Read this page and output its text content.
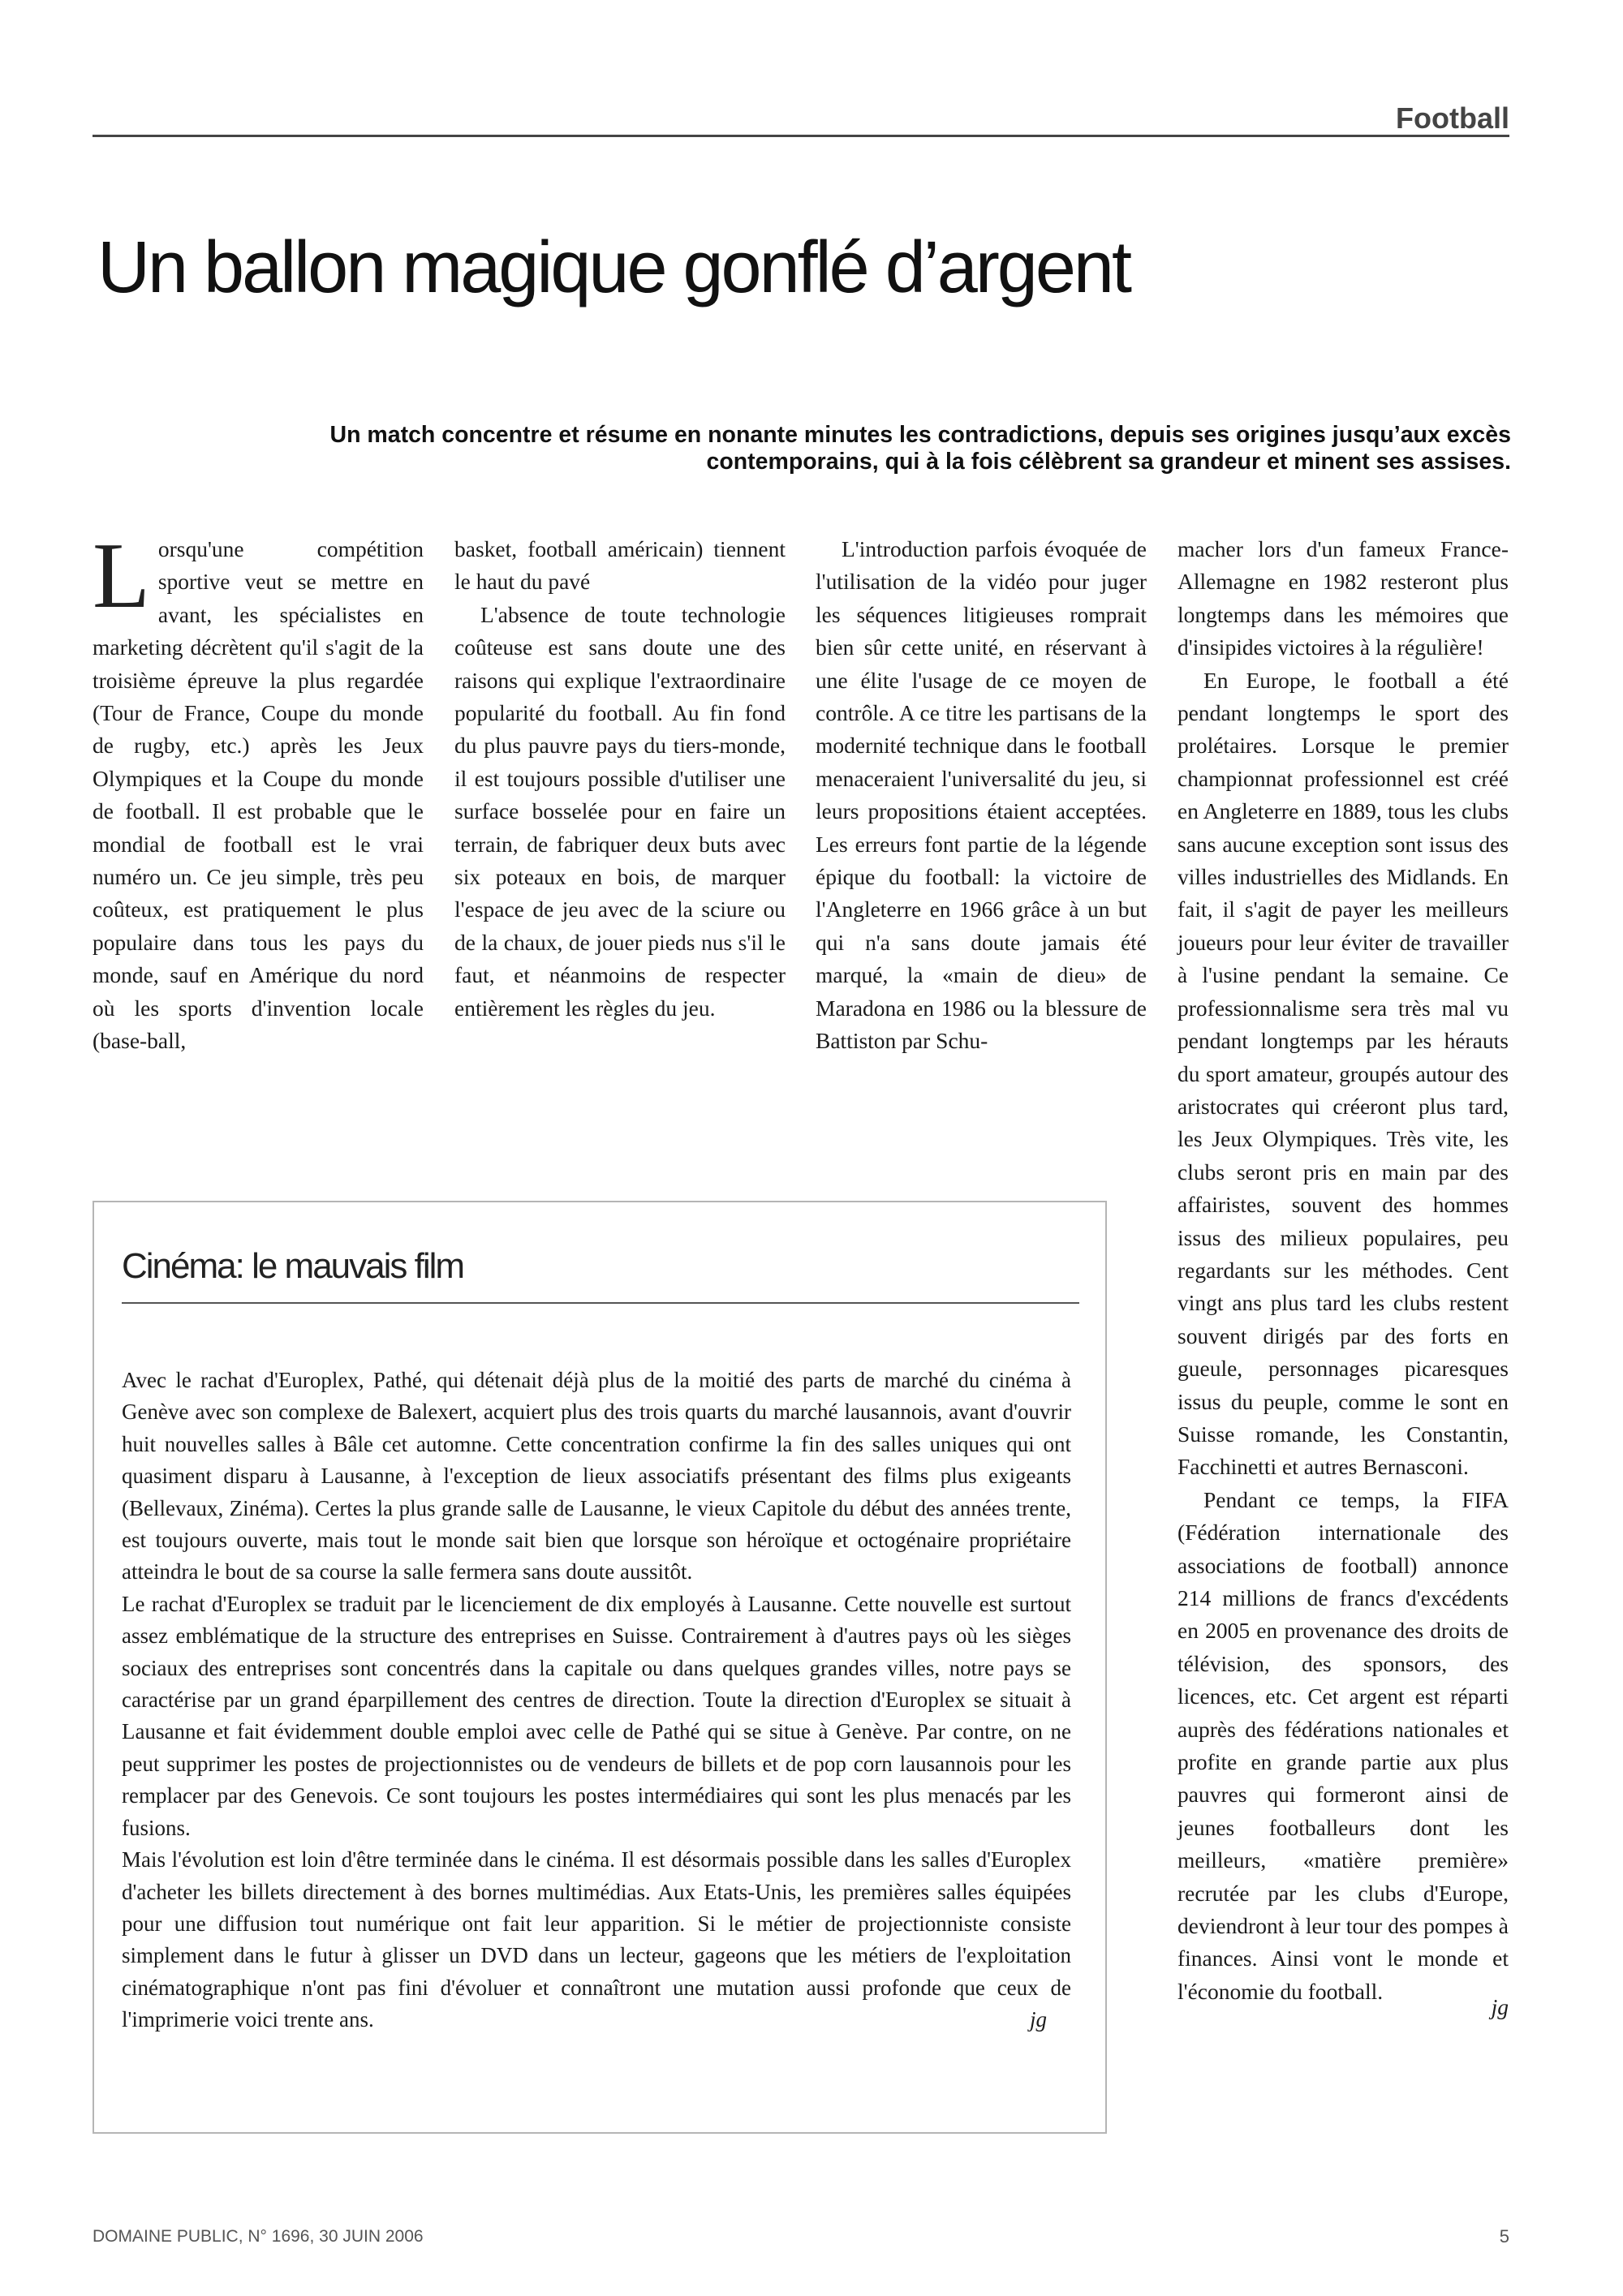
Football
Un ballon magique gonflé d’argent

Un match concentre et résume en nonante minutes les contradictions, depuis ses origines jusqu’aux excès contemporains, qui à la fois célèbrent sa grandeur et minent ses assises.

Lorsqu'une compétition sportive veut se mettre en avant, les spécialistes en marketing décrètent qu'il s'agit de la troisième épreuve la plus regardée (Tour de France, Coupe du monde de rugby, etc.) après les Jeux Olympiques et la Coupe du monde de football. Il est probable que le mondial de football est le vrai numéro un. Ce jeu simple, très peu coûteux, est pratiquement le plus populaire dans tous les pays du monde, sauf en Amérique du nord où les sports d'invention locale (base-ball,

basket, football américain) tiennent le haut du pavé

L'absence de toute technologie coûteuse est sans doute une des raisons qui explique l'extraordinaire popularité du football. Au fin fond du plus pauvre pays du tiers-monde, il est toujours possible d'utiliser une surface bosselée pour en faire un terrain, de fabriquer deux buts avec six poteaux en bois, de marquer l'espace de jeu avec de la sciure ou de la chaux, de jouer pieds nus s'il le faut, et néanmoins de respecter entièrement les règles du jeu.

L'introduction parfois évoquée de l'utilisation de la vidéo pour juger les séquences litigieuses romprait bien sûr cette unité, en réservant à une élite l'usage de ce moyen de contrôle. A ce titre les partisans de la modernité technique dans le football menaceraient l'universalité du jeu, si leurs propositions étaient acceptées. Les erreurs font partie de la légende épique du football: la victoire de l'Angleterre en 1966 grâce à un but qui n'a sans doute jamais été marqué, la «main de dieu» de Maradona en 1986 ou la blessure de Battiston par Schu-

macher lors d'un fameux France-Allemagne en 1982 resteront plus longtemps dans les mémoires que d'insipides victoires à la régulière!

En Europe, le football a été pendant longtemps le sport des prolétaires. Lorsque le premier championnat professionnel est créé en Angleterre en 1889, tous les clubs sans aucune exception sont issus des villes industrielles des Midlands. En fait, il s'agit de payer les meilleurs joueurs pour leur éviter de travailler à l'usine pendant la semaine. Ce professionnalisme sera très mal vu pendant longtemps par les hérauts du sport amateur, groupés autour des aristocrates qui créeront plus tard, les Jeux Olympiques. Très vite, les clubs seront pris en main par des affairistes, souvent des hommes issus des milieux populaires, peu regardants sur les méthodes. Cent vingt ans plus tard les clubs restent souvent dirigés par des forts en gueule, personnages picaresques issus du peuple, comme le sont en Suisse romande, les Constantin, Facchinetti et autres Bernasconi.

Pendant ce temps, la FIFA (Fédération internationale des associations de football) annonce 214 millions de francs d'excédents en 2005 en provenance des droits de télévision, des sponsors, des licences, etc. Cet argent est réparti auprès des fédérations nationales et profite en grande partie aux plus pauvres qui formeront ainsi de jeunes footballeurs dont les meilleurs, «matière première» recrutée par les clubs d'Europe, deviendront à leur tour des pompes à finances. Ainsi vont le monde et l'économie du football.

jg
Cinéma: le mauvais film

Avec le rachat d'Europlex, Pathé, qui détenait déjà plus de la moitié des parts de marché du cinéma à Genève avec son complexe de Balexert, acquiert plus des trois quarts du marché lausannois, avant d'ouvrir huit nouvelles salles à Bâle cet automne. Cette concentration confirme la fin des salles uniques qui ont quasiment disparu à Lausanne, à l'exception de lieux associatifs présentant des films plus exigeants (Bellevaux, Zinéma). Certes la plus grande salle de Lausanne, le vieux Capitole du début des années trente, est toujours ouverte, mais tout le monde sait bien que lorsque son héroïque et octogénaire propriétaire atteindra le bout de sa course la salle fermera sans doute aussitôt.

Le rachat d'Europlex se traduit par le licenciement de dix employés à Lausanne. Cette nouvelle est surtout assez emblématique de la structure des entreprises en Suisse. Contrairement à d'autres pays où les sièges sociaux des entreprises sont concentrés dans la capitale ou dans quelques grandes villes, notre pays se caractérise par un grand éparpillement des centres de direction. Toute la direction d'Europlex se situait à Lausanne et fait évidemment double emploi avec celle de Pathé qui se situe à Genève. Par contre, on ne peut supprimer les postes de projectionnistes ou de vendeurs de billets et de pop corn lausannois pour les remplacer par des Genevois. Ce sont toujours les postes intermédiaires qui sont les plus menacés par les fusions.

Mais l'évolution est loin d'être terminée dans le cinéma. Il est désormais possible dans les salles d'Europlex d'acheter les billets directement à des bornes multimédias. Aux Etats-Unis, les premières salles équipées pour une diffusion tout numérique ont fait leur apparition. Si le métier de projectionniste consiste simplement dans le futur à glisser un DVD dans un lecteur, gageons que les métiers de l'exploitation cinématographique n'ont pas fini d'évoluer et connaîtront une mutation aussi profonde que ceux de l'imprimerie voici trente ans.	jg

DOMAINE PUBLIC, N° 1696, 30 JUIN 2006	5
